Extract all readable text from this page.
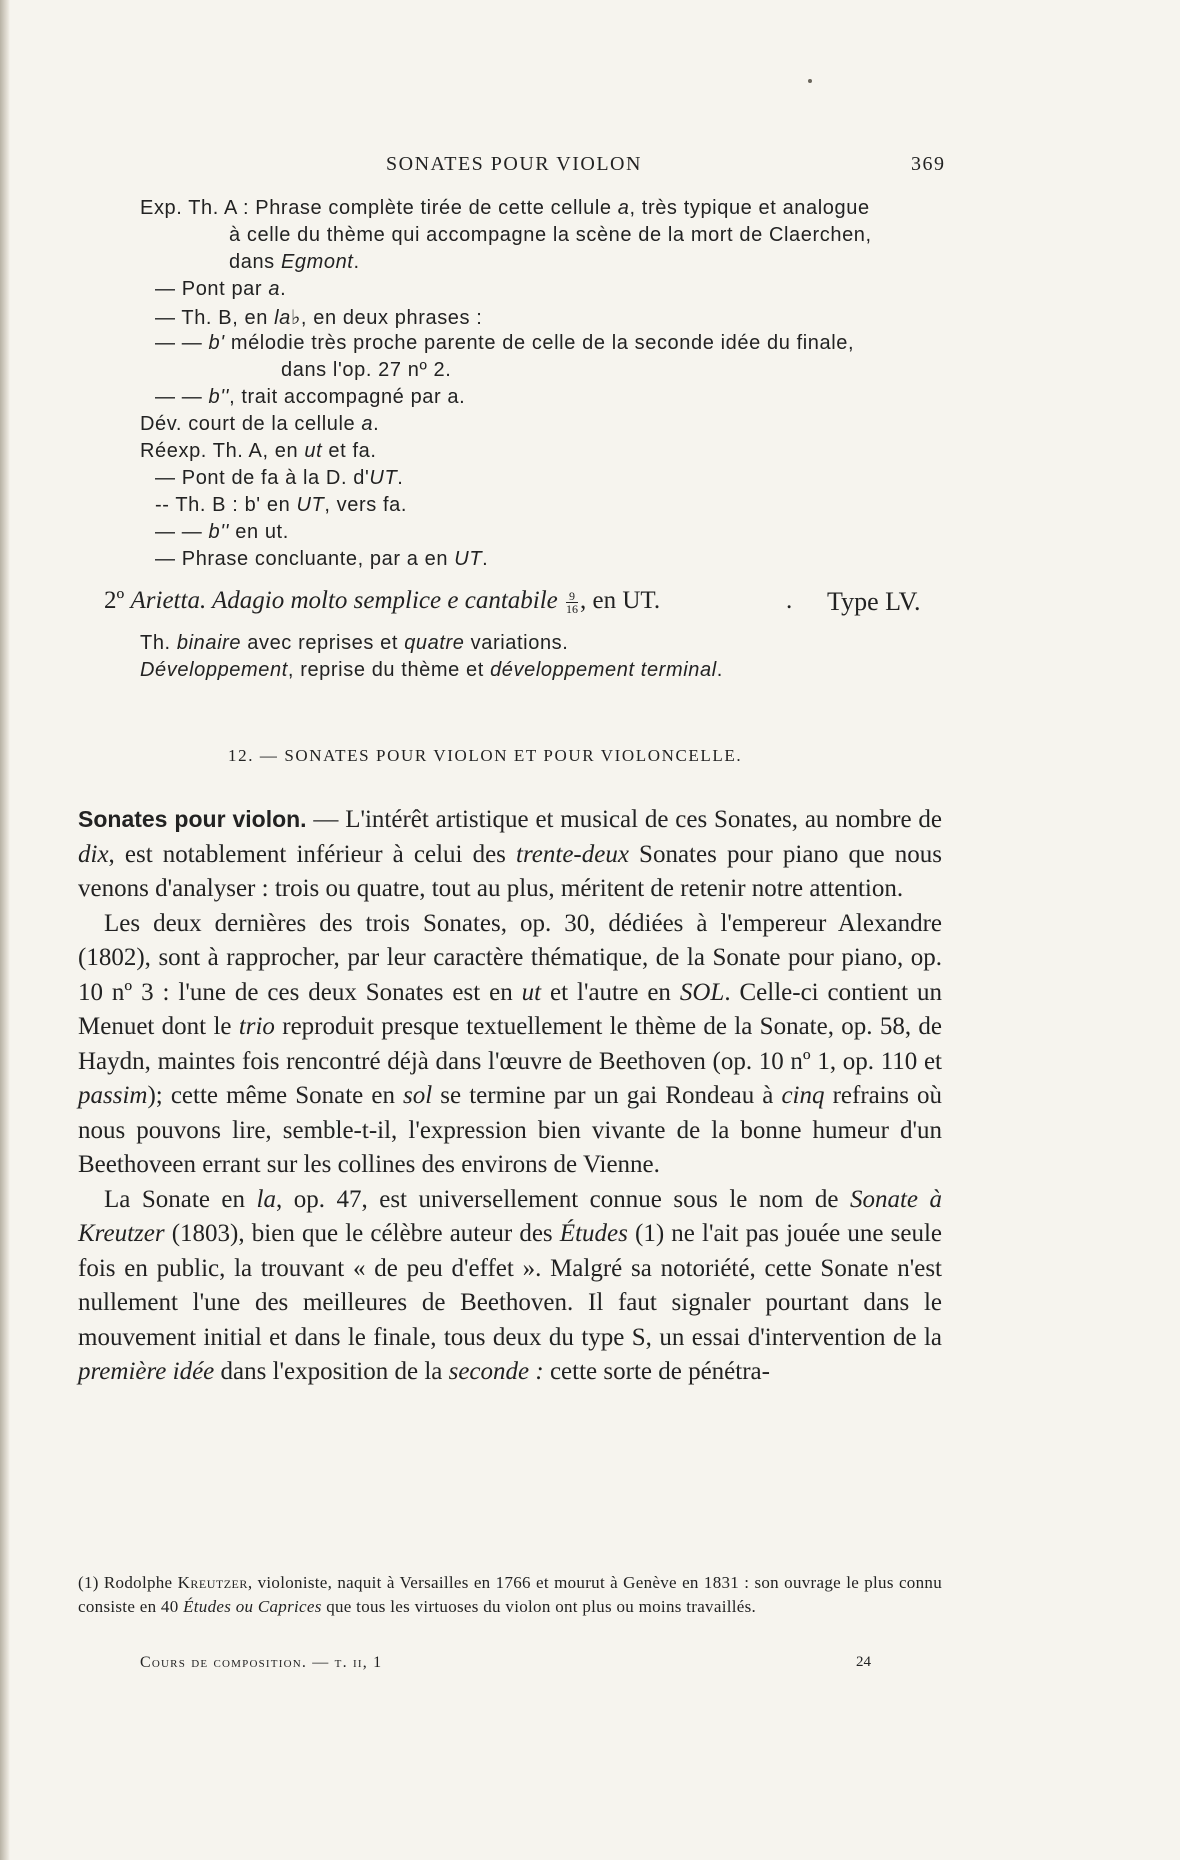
SONATES POUR VIOLON	369
Exp. Th. A : Phrase complète tirée de cette cellule a, très typique et analogue
à celle du thème qui accompagne la scène de la mort de Claerchen,
dans Egmont.
— Pont par a.
— Th. B, en la♭, en deux phrases :
— — b' mélodie très proche parente de celle de la seconde idée du finale,
dans l'op. 27 nº 2.
— — b'', trait accompagné par a.
Dév. court de la cellule a.
Réexp. Th. A, en ut et fa.
— Pont de fa à la D. d'UT.
-- Th. B : b' en UT, vers fa.
— — b'' en ut.
— Phrase concluante, par a en UT.
2º Arietta. Adagio molto semplice e cantabile $\frac{9}{16}$ , en UT.	. Type LV.
Th. binaire avec reprises et quatre variations.
Développement, reprise du thème et développement terminal.
12. — SONATES POUR VIOLON ET POUR VIOLONCELLE.

Sonates pour violon. — L'intérêt artistique et musical de ces Sonates, au nombre de dix, est notablement inférieur à celui des trente-deux Sonates pour piano que nous venons d'analyser : trois ou quatre, tout au plus, méritent de retenir notre attention.

Les deux dernières des trois Sonates, op. 30, dédiées à l'empereur Alexandre (1802), sont à rapprocher, par leur caractère thématique, de la Sonate pour piano, op. 10 nº 3 : l'une de ces deux Sonates est en ut et l'autre en SOL. Celle-ci contient un Menuet dont le trio reproduit presque textuellement le thème de la Sonate, op. 58, de Haydn, maintes fois rencontré déjà dans l'œuvre de Beethoven (op. 10 nº 1, op. 110 et passim); cette même Sonate en sol se termine par un gai Rondeau à cinq refrains où nous pouvons lire, semble-t-il, l'expression bien vivante de la bonne humeur d'un Beethoveen errant sur les collines des environs de Vienne.

La Sonate en la, op. 47, est universellement connue sous le nom de Sonate à Kreutzer (1803), bien que le célèbre auteur des Études (1) ne l'ait pas jouée une seule fois en public, la trouvant « de peu d'effet ». Malgré sa notoriété, cette Sonate n'est nullement l'une des meilleures de Beethoven. Il faut signaler pourtant dans le mouvement initial et dans le finale, tous deux du type S, un essai d'intervention de la première idée dans l'exposition de la seconde : cette sorte de pénétra-

(1) Rodolphe Kreutzer, violoniste, naquit à Versailles en 1766 et mourut à Genève en 1831 : son ouvrage le plus connu consiste en 40 Études ou Caprices que tous les virtuoses du violon ont plus ou moins travaillés.
Cours de composition. — t. ii, 1	24
